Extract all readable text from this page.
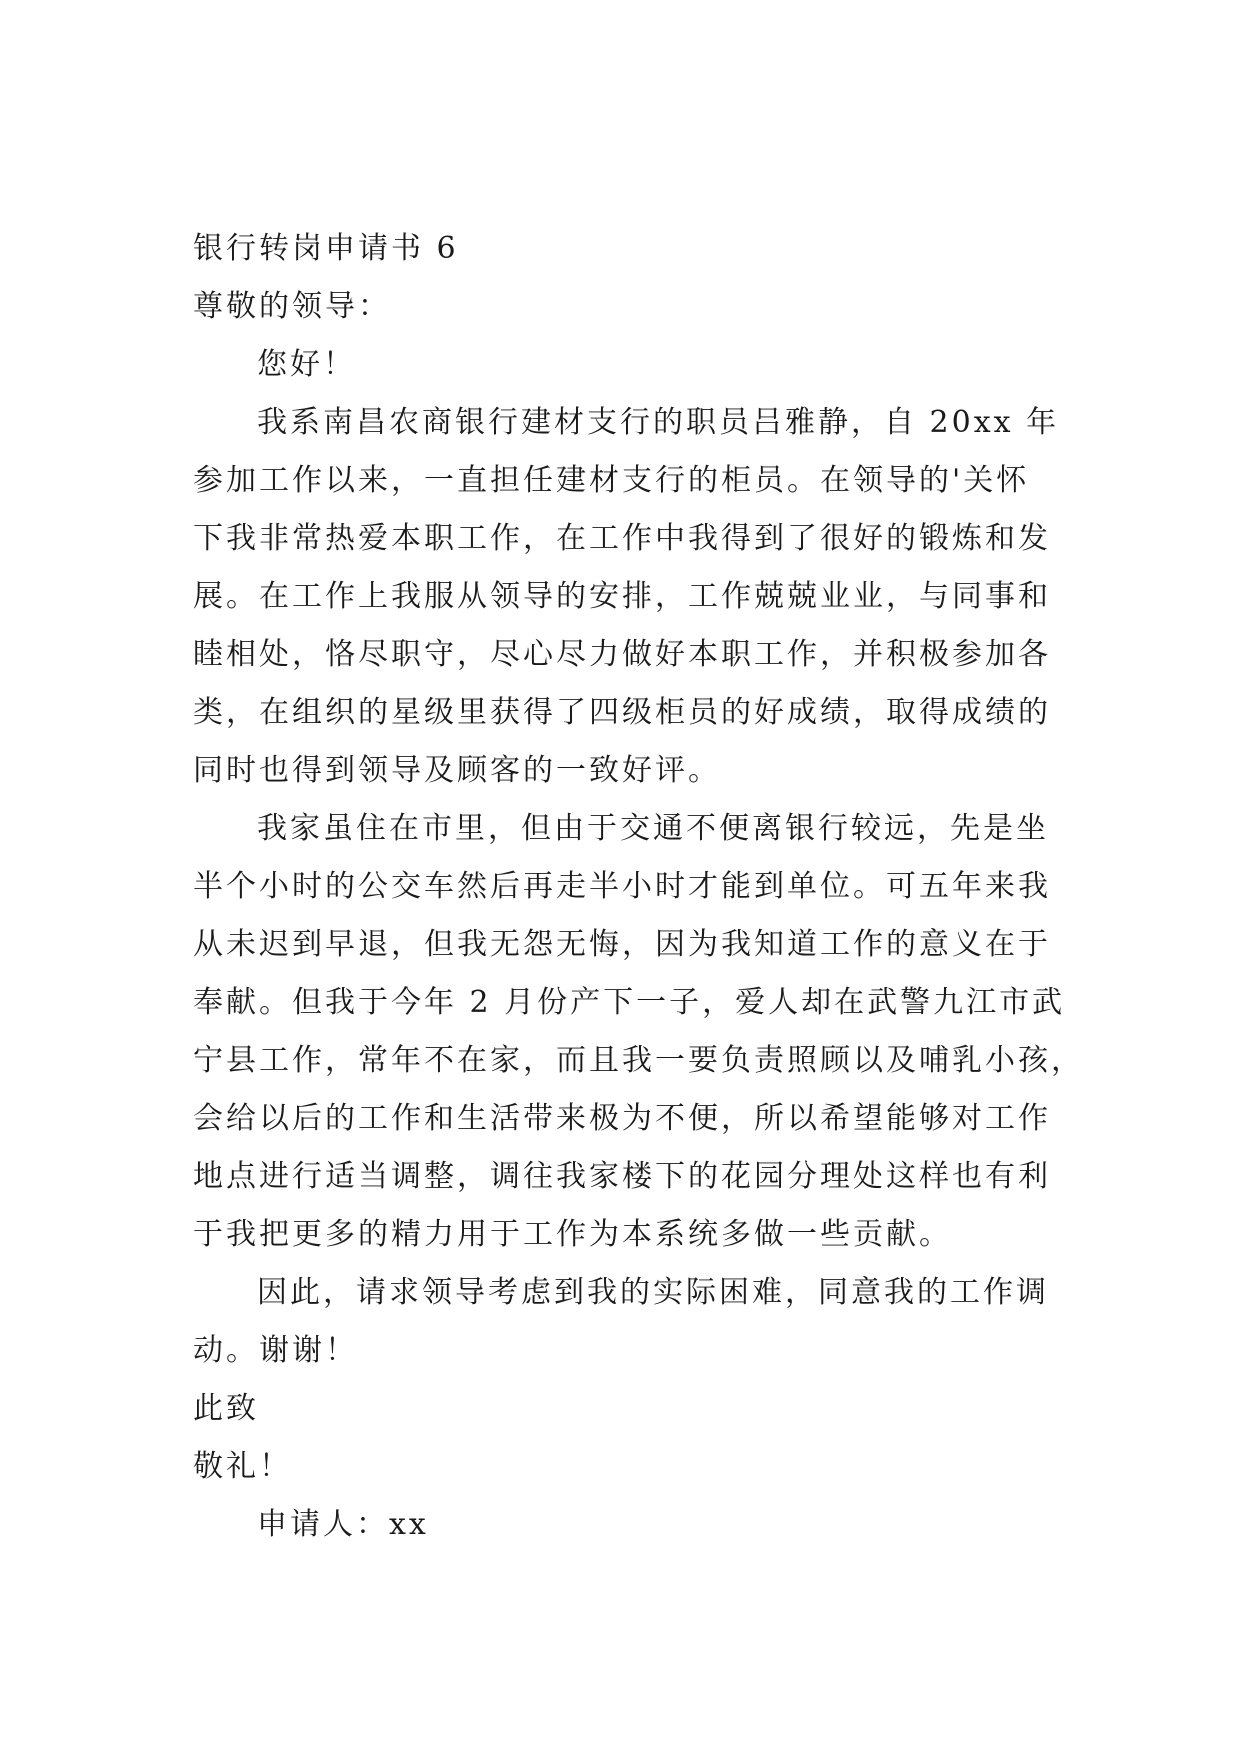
银行转岗申请书 6

尊敬的领导：

您好！

我系南昌农商银行建材支行的职员吕雅静，自 20xx 年
参加工作以来，一直担任建材支行的柜员。在领导的'关怀
下我非常热爱本职工作，在工作中我得到了很好的锻炼和发
展。在工作上我服从领导的安排，工作兢兢业业，与同事和
睦相处，恪尽职守，尽心尽力做好本职工作，并积极参加各
类，在组织的星级里获得了四级柜员的好成绩，取得成绩的
同时也得到领导及顾客的一致好评。
我家虽住在市里，但由于交通不便离银行较远，先是坐
半个小时的公交车然后再走半小时才能到单位。可五年来我
从未迟到早退，但我无怨无悔，因为我知道工作的意义在于
奉献。但我于今年 2 月份产下一子，爱人却在武警九江市武
宁县工作，常年不在家，而且我一要负责照顾以及哺乳小孩，
会给以后的工作和生活带来极为不便，所以希望能够对工作
地点进行适当调整，调往我家楼下的花园分理处这样也有利
于我把更多的精力用于工作为本系统多做一些贡献。
因此，请求领导考虑到我的实际困难，同意我的工作调
动。谢谢！

此致

敬礼！

申请人：xx
